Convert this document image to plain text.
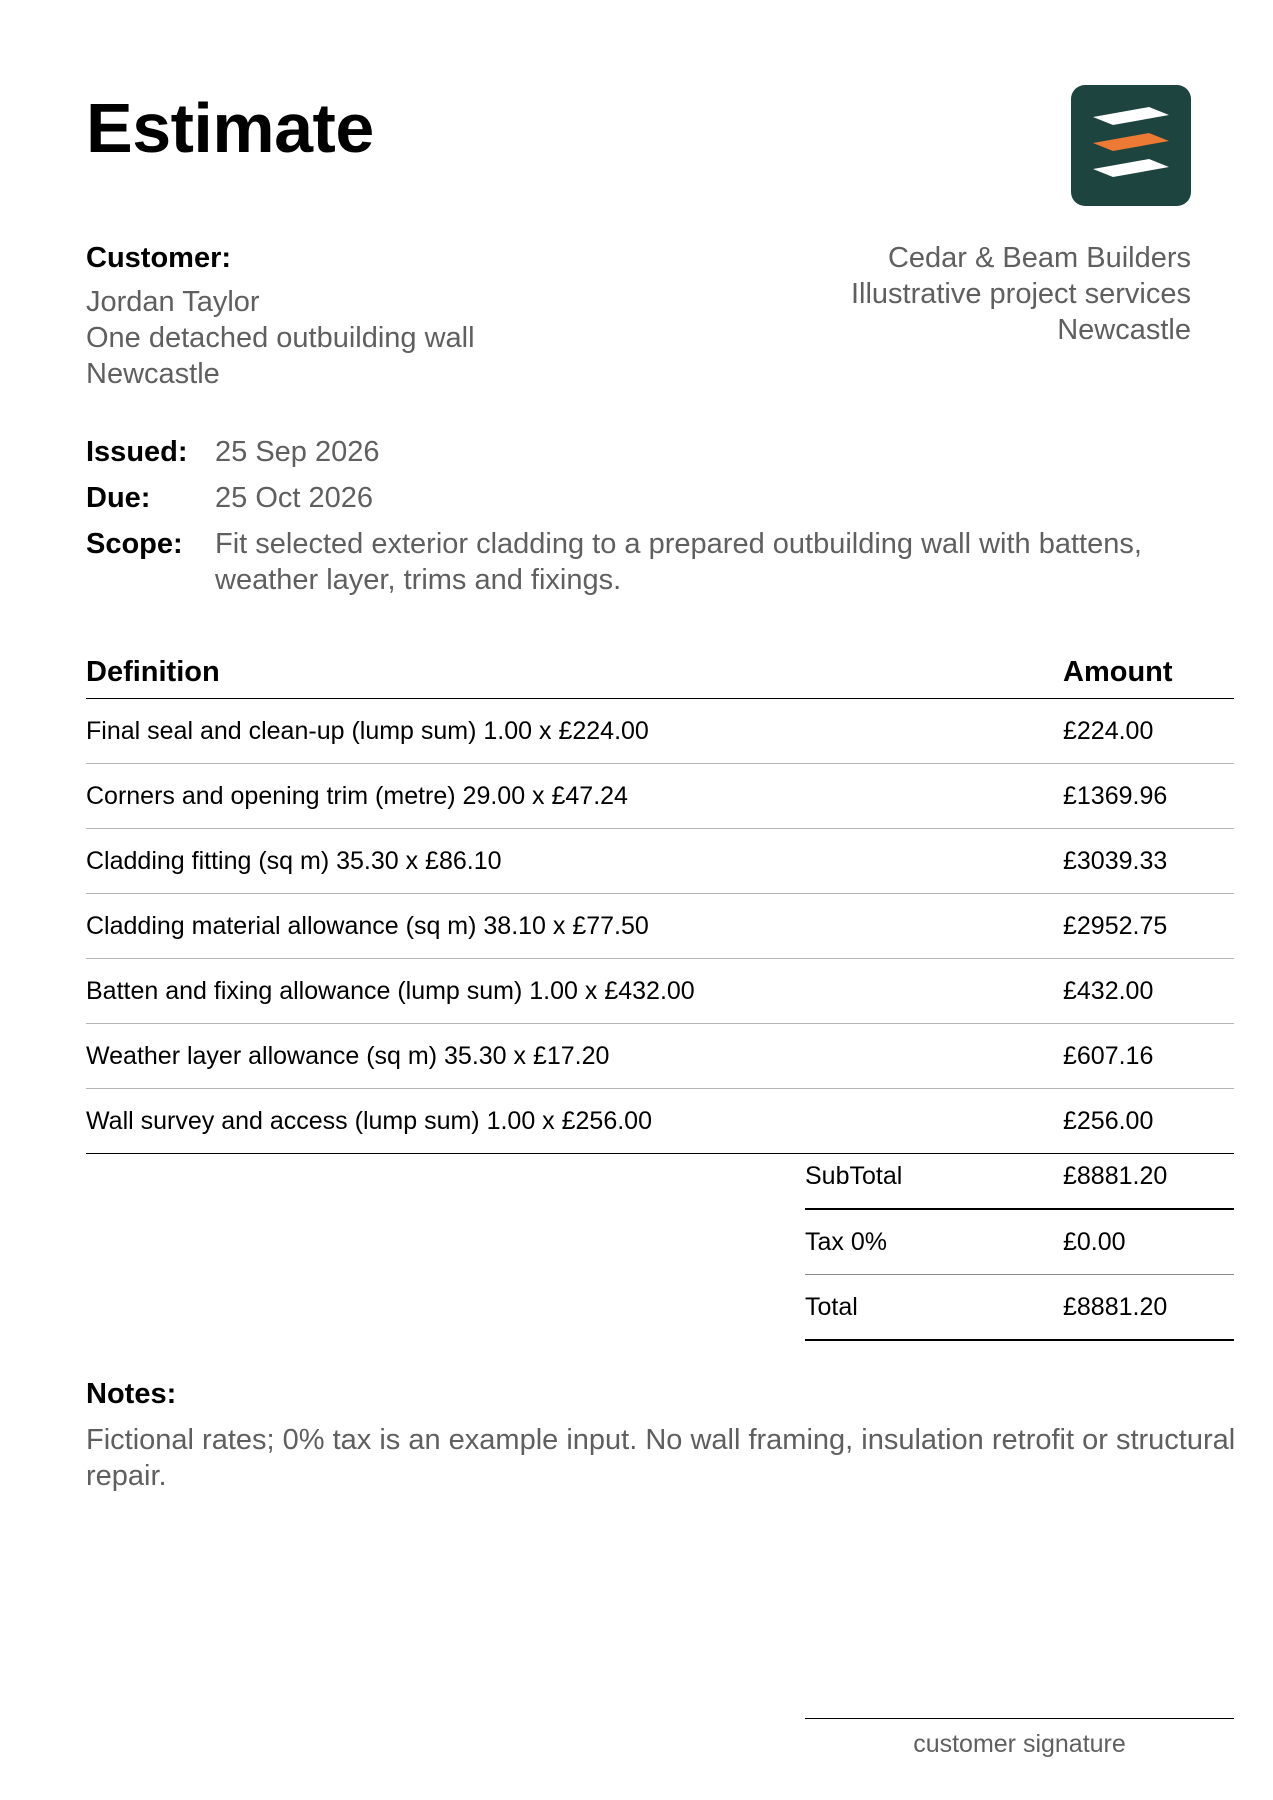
Estimate
Customer:
Jordan Taylor
One detached outbuilding wall
Newcastle
Cedar & Beam Builders
Illustrative project services
Newcastle
Issued: 25 Sep 2026
Due:	25 Oct 2026
Scope:	Fit selected exterior cladding to a prepared outbuilding wall with battens, weather layer, trims and fixings.
Definition	Amount
Final seal and clean-up (lump sum) 1.00 x £224.00	£224.00
Corners and opening trim (metre) 29.00 x £47.24	£1369.96
Cladding fitting (sq m) 35.30 x £86.10	£3039.33
Cladding material allowance (sq m) 38.10 x £77.50	£2952.75
Batten and fixing allowance (lump sum) 1.00 x £432.00	£432.00
Weather layer allowance (sq m) 35.30 x £17.20	£607.16
Wall survey and access (lump sum) 1.00 x £256.00	£256.00
SubTotal	£8881.20
Tax 0%	£0.00
Total	£8881.20
Notes:
Fictional rates; 0% tax is an example input. No wall framing, insulation retrofit or structural repair.
customer signature
